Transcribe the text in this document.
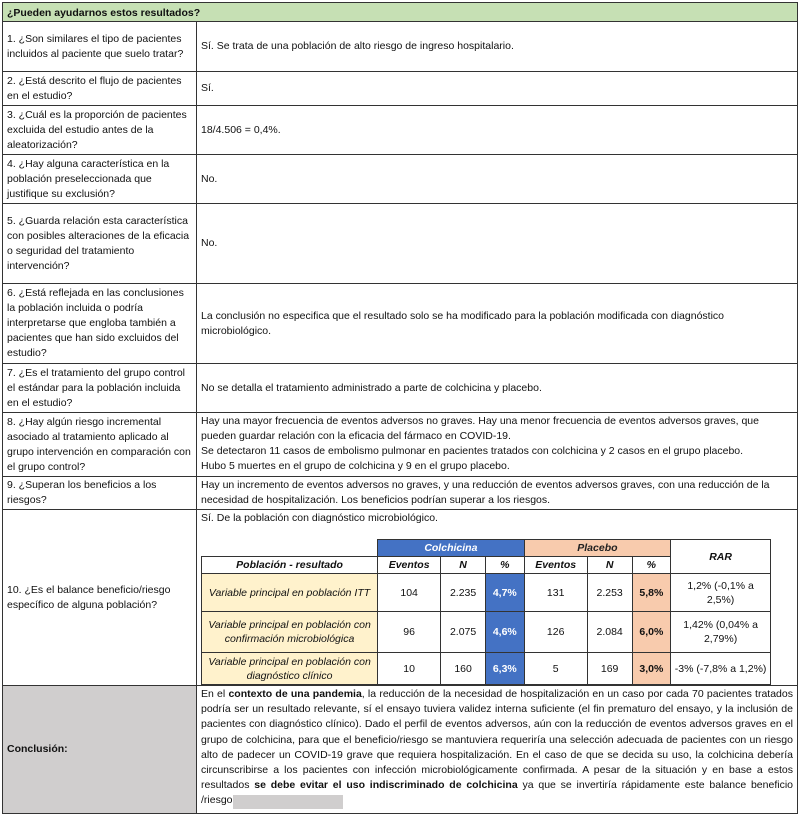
¿Pueden ayudarnos estos resultados?
1. ¿Son similares el tipo de pacientes incluidos al paciente que suelo tratar?
Sí. Se trata de una población de alto riesgo de ingreso hospitalario.
2. ¿Está descrito el flujo de pacientes en el estudio?
Sí.
3. ¿Cuál es la proporción de pacientes excluida del estudio antes de la aleatorización?
18/4.506 = 0,4%.
4. ¿Hay alguna característica en la población preseleccionada que justifique su exclusión?
No.
5. ¿Guarda relación esta característica con posibles alteraciones de la eficacia o seguridad del tratamiento intervención?
No.
6. ¿Está reflejada en las conclusiones la población incluida o podría interpretarse que engloba también a pacientes que han sido excluidos del estudio?
La conclusión no especifica que el resultado solo se ha modificado para la población modificada con diagnóstico microbiológico.
7. ¿Es el tratamiento del grupo control el estándar para la población incluida en el estudio?
No se detalla el tratamiento administrado a parte de colchicina y placebo.
8. ¿Hay algún riesgo incremental asociado al tratamiento aplicado al grupo intervención en comparación con el grupo control?
Hay una mayor frecuencia de eventos adversos no graves. Hay una menor frecuencia de eventos adversos graves, que pueden guardar relación con la eficacia del fármaco en COVID-19.
Se detectaron 11 casos de embolismo pulmonar en pacientes tratados con colchicina y 2 casos en el grupo placebo.
Hubo 5 muertes en el grupo de colchicina y 9 en el grupo placebo.
9. ¿Superan los beneficios a los riesgos?
Hay un incremento de eventos adversos no graves, y una reducción de eventos adversos graves, con una reducción de la necesidad de hospitalización. Los beneficios podrían superar a los riesgos.
10. ¿Es el balance beneficio/riesgo específico de alguna población?
Sí. De la población con diagnóstico microbiológico.
	Colchicina			Placebo			RAR
Población - resultado	Eventos	N	%	Eventos	N	%	
Variable principal en población ITT	104	2.235	4,7%	131	2.253	5,8%	1,2% (-0,1% a 2,5%)
Variable principal en población con confirmación microbiológica	96	2.075	4,6%	126	2.084	6,0%	1,42% (0,04% a 2,79%)
Variable principal en población con diagnóstico clínico	10	160	6,3%	5	169	3,0%	-3% (-7,8% a 1,2%)
Conclusión:
En el contexto de una pandemia, la reducción de la necesidad de hospitalización en un caso por cada 70 pacientes tratados podría ser un resultado relevante, sí el ensayo tuviera validez interna suficiente (el fin prematuro del ensayo, y la inclusión de pacientes con diagnóstico clínico). Dado el perfil de eventos adversos, aún con la reducción de eventos adversos graves en el grupo de colchicina, para que el beneficio/riesgo se mantuviera requeriría una selección adecuada de pacientes con un riesgo alto de padecer un COVID-19 grave que requiera hospitalización. En el caso de que se decida su uso, la colchicina debería circunscribirse a los pacientes con infección microbiológicamente confirmada. A pesar de la situación y en base a estos resultados se debe evitar el uso indiscriminado de colchicina ya que se invertiría rápidamente este balance beneficio /riesgo
